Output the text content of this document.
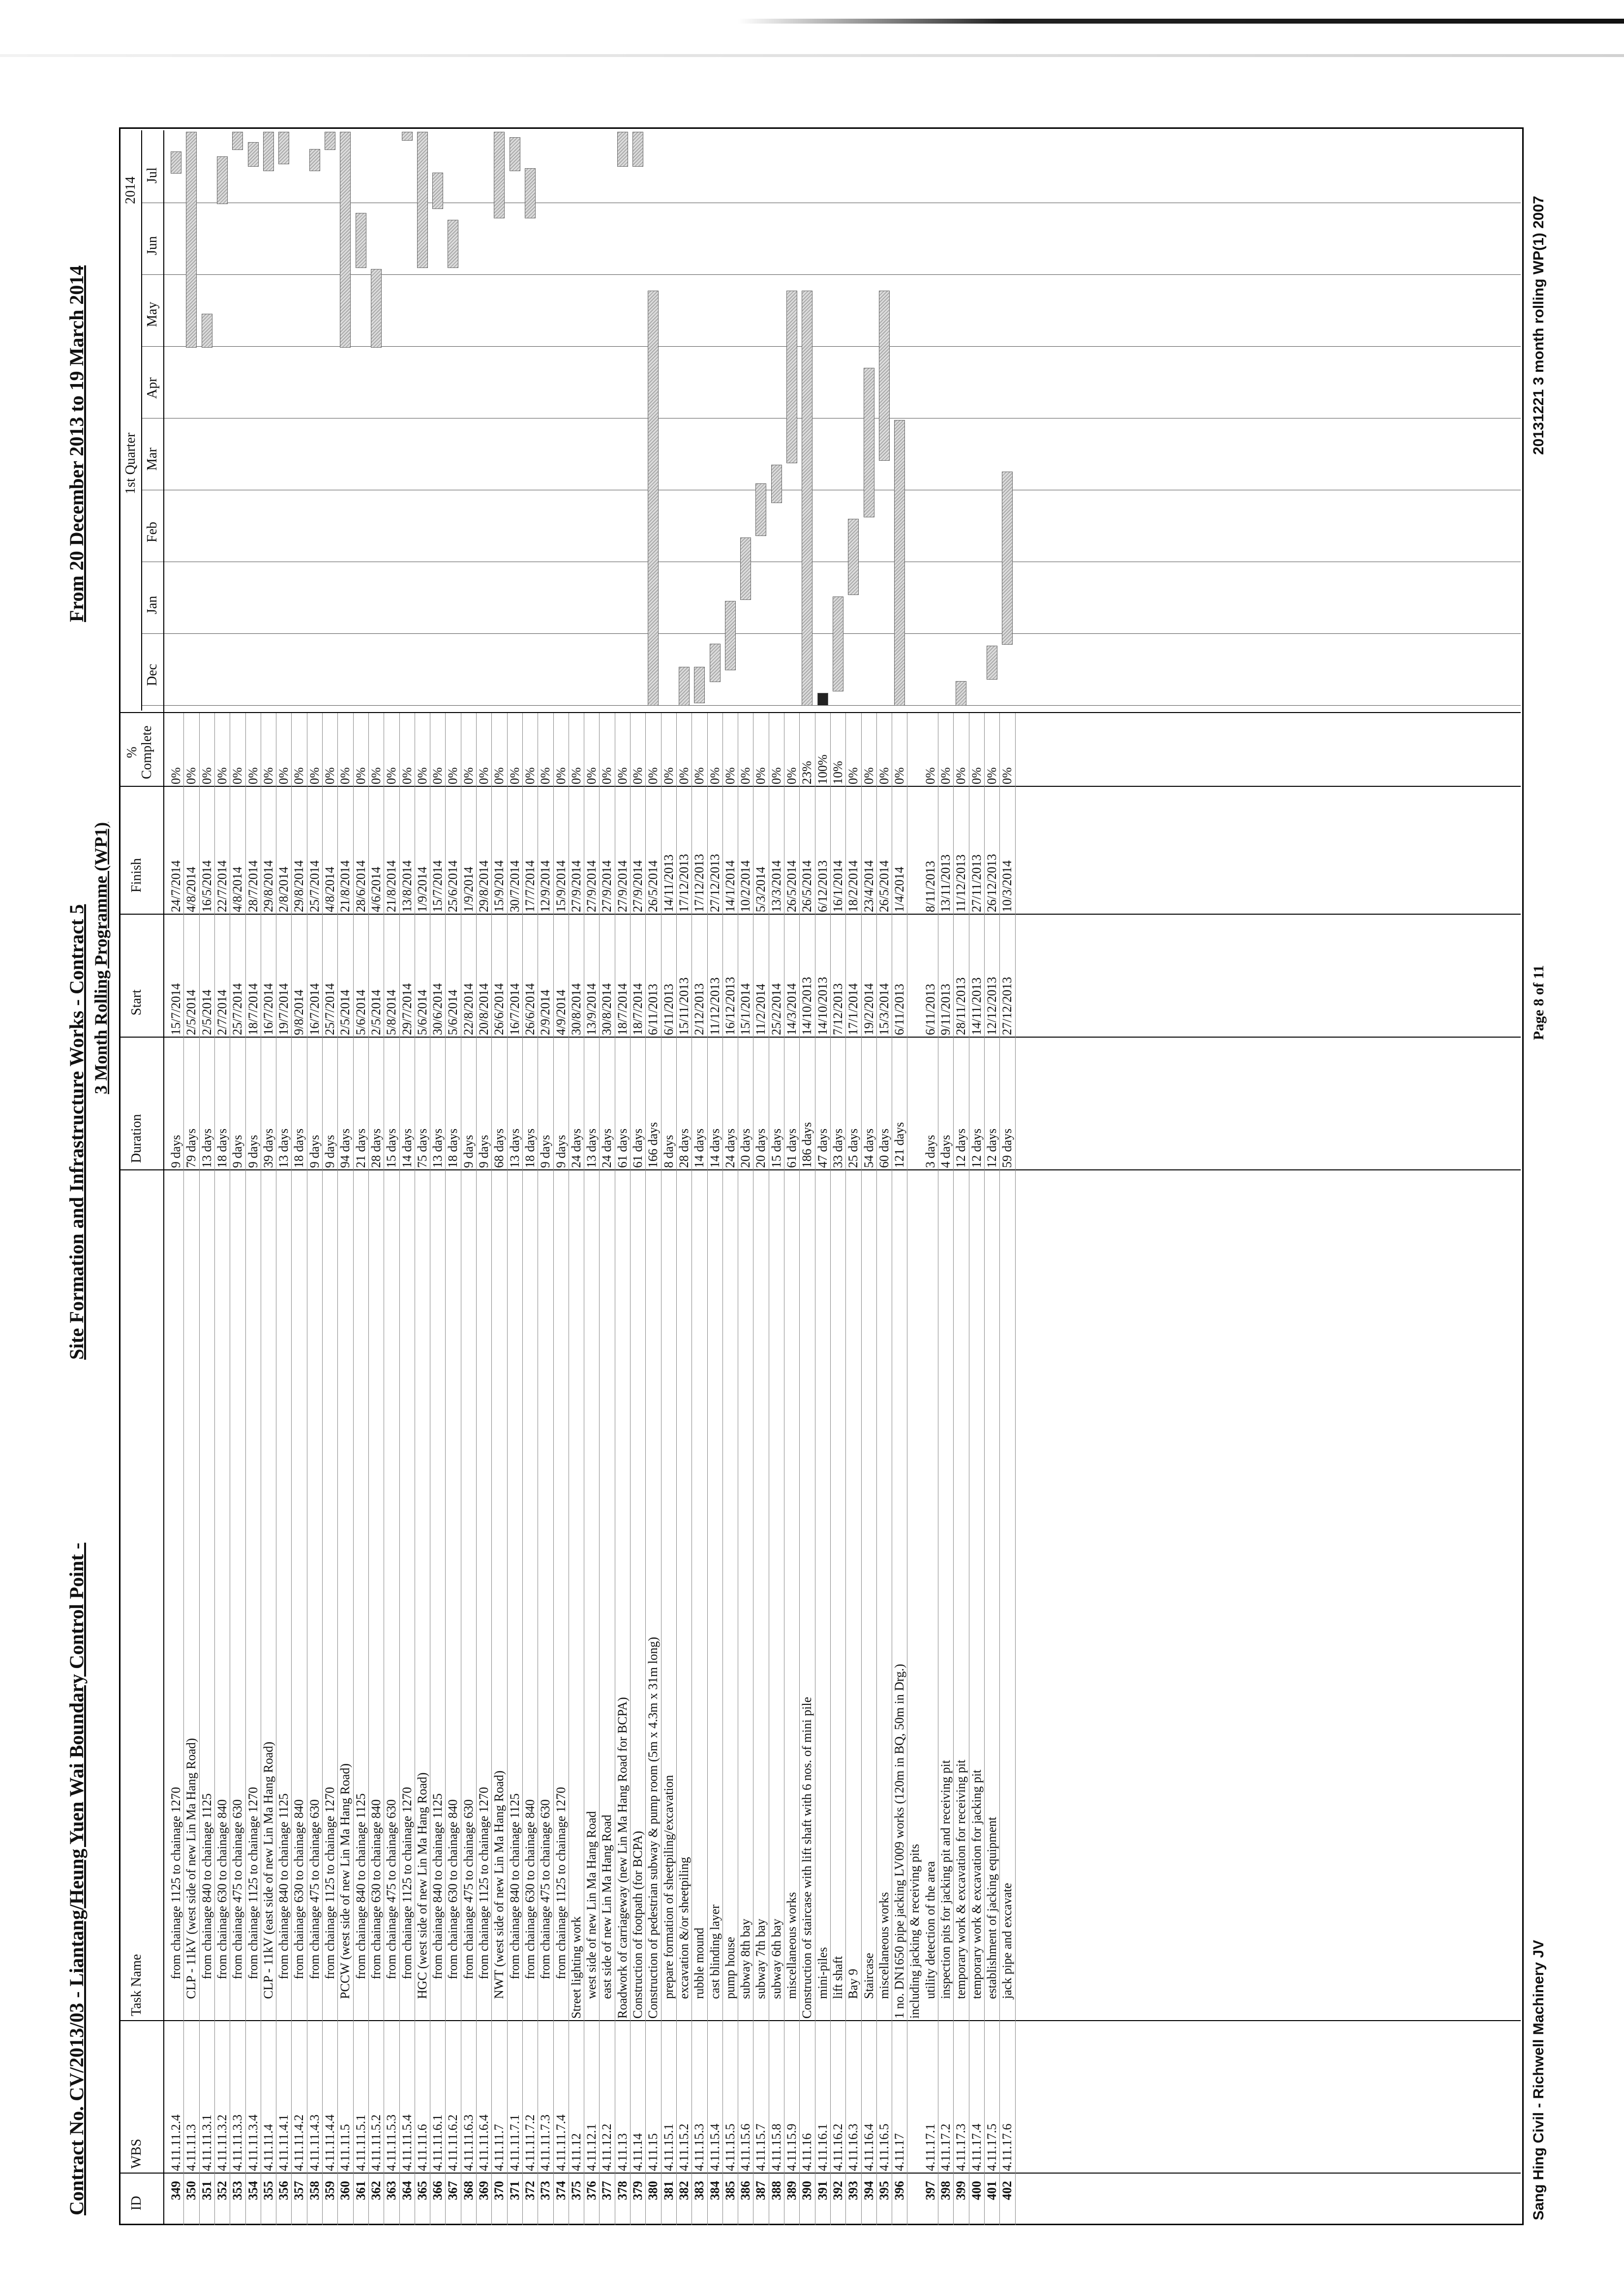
Contract No. CV/2013/03 - Liantang/Heung Yuen Wai Boundary Control Point -
Site Formation and Infrastructure Works - Contract 5 3 Month Rolling Programme (WP1)
From 20 December 2013 to 19 March 2014
ID
WBS
Task Name
Duration
Start
Finish
% Complete
2014
1st Quarter
Dec
Jan
Feb
Mar
Apr
May
Jun
Jul
349
4.11.11.2.4
from chainage 1125 to chainage 1270
9 days
15/7/2014
24/7/2014
0%
350
4.11.11.3
CLP - 11kV (west side of new Lin Ma Hang Road)
79 days
2/5/2014
4/8/2014
0%
351
4.11.11.3.1
from chainage 840 to chainage 1125
13 days
2/5/2014
16/5/2014
0%
352
4.11.11.3.2
from chainage 630 to chainage 840
18 days
2/7/2014
22/7/2014
0%
353
4.11.11.3.3
from chainage 475 to chainage 630
9 days
25/7/2014
4/8/2014
0%
354
4.11.11.3.4
from chainage 1125 to chainage 1270
9 days
18/7/2014
28/7/2014
0%
355
4.11.11.4
CLP - 11kV (east side of new Lin Ma Hang Road)
39 days
16/7/2014
29/8/2014
0%
356
4.11.11.4.1
from chainage 840 to chainage 1125
13 days
19/7/2014
2/8/2014
0%
357
4.11.11.4.2
from chainage 630 to chainage 840
18 days
9/8/2014
29/8/2014
0%
358
4.11.11.4.3
from chainage 475 to chainage 630
9 days
16/7/2014
25/7/2014
0%
359
4.11.11.4.4
from chainage 1125 to chainage 1270
9 days
25/7/2014
4/8/2014
0%
360
4.11.11.5
PCCW (west side of new Lin Ma Hang Road)
94 days
2/5/2014
21/8/2014
0%
361
4.11.11.5.1
from chainage 840 to chainage 1125
21 days
5/6/2014
28/6/2014
0%
362
4.11.11.5.2
from chainage 630 to chainage 840
28 days
2/5/2014
4/6/2014
0%
363
4.11.11.5.3
from chainage 475 to chainage 630
15 days
5/8/2014
21/8/2014
0%
364
4.11.11.5.4
from chainage 1125 to chainage 1270
14 days
29/7/2014
13/8/2014
0%
365
4.11.11.6
HGC (west side of new Lin Ma Hang Road)
75 days
5/6/2014
1/9/2014
0%
366
4.11.11.6.1
from chainage 840 to chainage 1125
13 days
30/6/2014
15/7/2014
0%
367
4.11.11.6.2
from chainage 630 to chainage 840
18 days
5/6/2014
25/6/2014
0%
368
4.11.11.6.3
from chainage 475 to chainage 630
9 days
22/8/2014
1/9/2014
0%
369
4.11.11.6.4
from chainage 1125 to chainage 1270
9 days
20/8/2014
29/8/2014
0%
370
4.11.11.7
NWT (west side of new Lin Ma Hang Road)
68 days
26/6/2014
15/9/2014
0%
371
4.11.11.7.1
from chainage 840 to chainage 1125
13 days
16/7/2014
30/7/2014
0%
372
4.11.11.7.2
from chainage 630 to chainage 840
18 days
26/6/2014
17/7/2014
0%
373
4.11.11.7.3
from chainage 475 to chainage 630
9 days
2/9/2014
12/9/2014
0%
374
4.11.11.7.4
from chainage 1125 to chainage 1270
9 days
4/9/2014
15/9/2014
0%
375
4.11.12
Street lighting work
24 days
30/8/2014
27/9/2014
0%
376
4.11.12.1
west side of new Lin Ma Hang Road
13 days
13/9/2014
27/9/2014
0%
377
4.11.12.2
east side of new Lin Ma Hang Road
24 days
30/8/2014
27/9/2014
0%
378
4.11.13
Roadwork of carriageway (new Lin Ma Hang Road for BCPA)
61 days
18/7/2014
27/9/2014
0%
379
4.11.14
Construction of footpath (for BCPA)
61 days
18/7/2014
27/9/2014
0%
380
4.11.15
Construction of pedestrian subway & pump room (5m x 4.3m x 31m long)
166 days
6/11/2013
26/5/2014
0%
381
4.11.15.1
prepare formation of sheetpiling/excavation
8 days
6/11/2013
14/11/2013
0%
382
4.11.15.2
excavation &/or sheetpiling
28 days
15/11/2013
17/12/2013
0%
383
4.11.15.3
rubble mound
14 days
2/12/2013
17/12/2013
0%
384
4.11.15.4
cast blinding layer
14 days
11/12/2013
27/12/2013
0%
385
4.11.15.5
pump house
24 days
16/12/2013
14/1/2014
0%
386
4.11.15.6
subway 8th bay
20 days
15/1/2014
10/2/2014
0%
387
4.11.15.7
subway 7th bay
20 days
11/2/2014
5/3/2014
0%
388
4.11.15.8
subway 6th bay
15 days
25/2/2014
13/3/2014
0%
389
4.11.15.9
miscellaneous works
61 days
14/3/2014
26/5/2014
0%
390
4.11.16
Construction of staircase with lift shaft with 6 nos. of mini pile
186 days
14/10/2013
26/5/2014
23%
391
4.11.16.1
mini-piles
47 days
14/10/2013
6/12/2013
100%
392
4.11.16.2
lift shaft
33 days
7/12/2013
16/1/2014
10%
393
4.11.16.3
Bay 9
25 days
17/1/2014
18/2/2014
0%
394
4.11.16.4
Staircase
54 days
19/2/2014
23/4/2014
0%
395
4.11.16.5
miscellaneous works
60 days
15/3/2014
26/5/2014
0%
396
4.11.17
1 no. DN1650 pipe jacking LV009 works (120m in BQ, 50m in Drg.)
121 days
6/11/2013
1/4/2014
0%
including jacking & receiving pits
397
4.11.17.1
utility detection of the area
3 days
6/11/2013
8/11/2013
0%
398
4.11.17.2
inspection pits for jacking pit and receiving pit
4 days
9/11/2013
13/11/2013
0%
399
4.11.17.3
temporary work & excavation for receiving pit
12 days
28/11/2013
11/12/2013
0%
400
4.11.17.4
temporary work & excavation for jacking pit
12 days
14/11/2013
27/11/2013
0%
401
4.11.17.5
establishment of jacking equipment
12 days
12/12/2013
26/12/2013
0%
402
4.11.17.6
jack pipe and excavate
59 days
27/12/2013
10/3/2014
0%
Sang Hing Civil - Richwell Machinery JV
Page 8 of 11
20131221 3 month rolling WP(1) 2007
